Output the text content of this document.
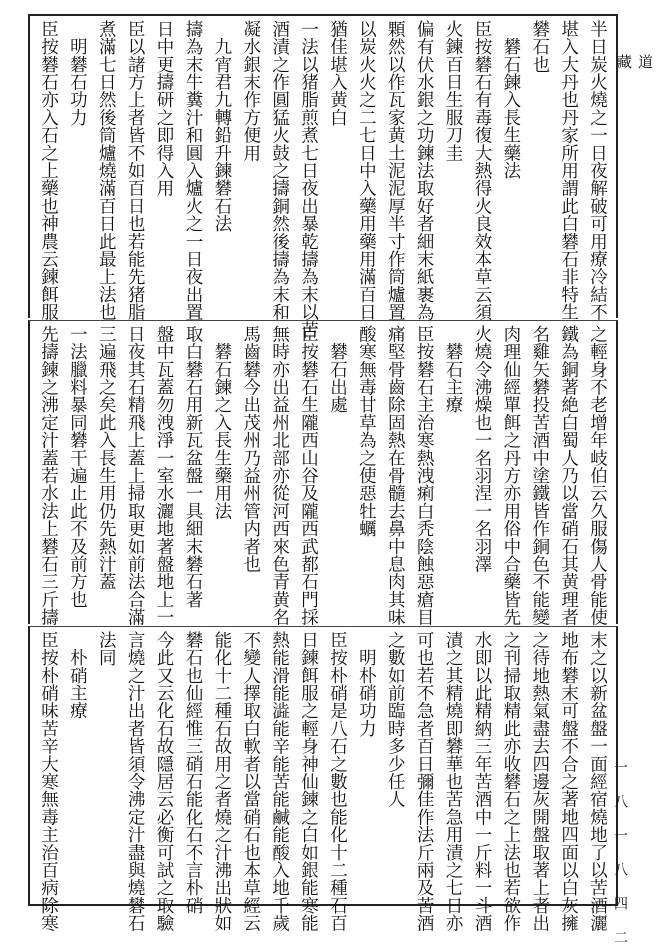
半日炭火燒之一日夜解破可用療冷結不
堪入大丹也丹家所用謂此白礬石非特生
礬石也
　礬石鍊入長生藥法
臣按礬石有毒復大熱得火良效本草云須
火鍊百日生服刀圭
偏有伏水銀之功鍊法取好者細末紙裹為
顆然以作瓦家黄土泥泥厚半寸作筒爐置
以炭火火之二七日中入藥用藥用滿百日
猶佳堪入黄白
一法以猪脂煎煮七日夜出暴乾擣為末以苦
酒漬之作圓猛火鼓之擣銅然後擣為末和
凝水銀末作方便用
　九宵君九轉鉛升鍊礬石法
擣為末牛糞汁和圓入爐火之一日夜出置
日中更擣研之即得入用
臣以諸方上者皆不如百日也若能先猪脂
煮滿七日然後筒爐燒滿百日此最上法也
　明礬石功力
臣按礬石亦入石之上藥也神農云鍊餌服
之輕身不老增年岐伯云久服傷人骨能使
鐵為銅著絶白蜀人乃以當硝石其黄理者
名雞矢礬投苦酒中塗鐵皆作銅色不能變
肉理仙經單餌之丹方亦用俗中合藥皆先
火燒令沸燥也一名羽涅一名羽澤
　礬石主療
臣按礬石主治寒熱洩痢白秃陰蝕惡瘡目
痛堅骨齒除固熱在骨髓去鼻中息肉其味
酸寒無毒甘草為之使惡牡蠣
　礬石出處
臣按礬石生隴西山谷及隴西武都石門採
無時亦出益州北部亦從河西來色青黄名
馬齒礬今出茂州乃益州管内者也
　礬石鍊之入長生藥用法
取白礬石用新瓦盆盤一具細末礬石著
盤中瓦蓋勿洩淨一室水灑地著盤地上一
日夜其石精飛上蓋上掃取更如前法合滿
三遍飛之矣此入長生用仍先熱汁蓋
一法臘料暴同礬干遍止此不及前方也
先擣鍊之沸定汁蓋若水法上礬石三斤擣
末之以新盆盤一面經宿燒地了以苦酒灑
地布礬末可盤不合之著地四面以白灰擁
之待地熱氣盡去四邊灰開盤取著上者出
之刊掃取精此亦收礬石之上法也若欲作
水即以此精納三年苦酒中一斤料一斗酒
漬之其精燒即礬華也苦急用漬之七日亦
可也若不急者百日彌佳作法斤兩及苦酒
之數如前臨時多少任人
　明朴硝功力
臣按朴硝是八石之數也能化十二種石百
日鍊餌服之輕身神仙鍊之白如銀能寒能
熱能滑能澁能辛能苦能鹹能酸入地千歲
不變人擇取白軟者以當硝石也本草經云
能化十二種石故用之者燒之汁沸出狀如
礬石也仙經惟三硝石能化石不言朴硝
今此又云化石故隱居云必衡可試之取驗
言燒之汁出者皆須令沸定汁盡與燒礬石
法同
　朴硝主療
臣按朴硝味苦辛大寒無毒主治百病除寒
道
藏
一 八 一 八 四 二
